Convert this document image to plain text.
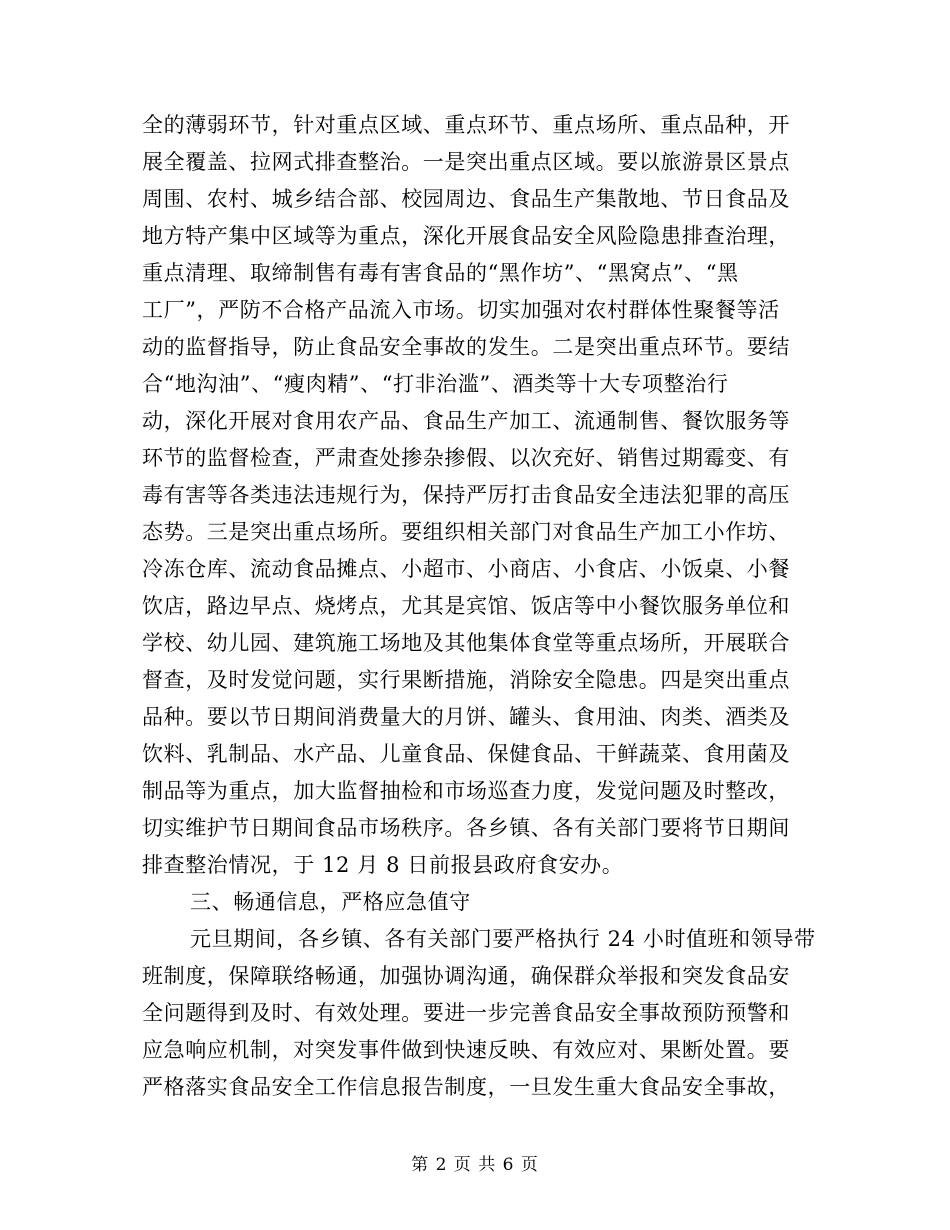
全的薄弱环节，针对重点区域、重点环节、重点场所、重点品种，开
展全覆盖、拉网式排查整治。一是突出重点区域。要以旅游景区景点
周围、农村、城乡结合部、校园周边、食品生产集散地、节日食品及
地方特产集中区域等为重点，深化开展食品安全风险隐患排查治理，
重点清理、取缔制售有毒有害食品的“黑作坊”、“黑窝点”、“黑
工厂”，严防不合格产品流入市场。切实加强对农村群体性聚餐等活
动的监督指导，防止食品安全事故的发生。二是突出重点环节。要结
合“地沟油”、“瘦肉精”、“打非治滥”、酒类等十大专项整治行
动，深化开展对食用农产品、食品生产加工、流通制售、餐饮服务等
环节的监督检查，严肃查处掺杂掺假、以次充好、销售过期霉变、有
毒有害等各类违法违规行为，保持严厉打击食品安全违法犯罪的高压
态势。三是突出重点场所。要组织相关部门对食品生产加工小作坊、
冷冻仓库、流动食品摊点、小超市、小商店、小食店、小饭桌、小餐
饮店，路边早点、烧烤点，尤其是宾馆、饭店等中小餐饮服务单位和
学校、幼儿园、建筑施工场地及其他集体食堂等重点场所，开展联合
督查，及时发觉问题，实行果断措施，消除安全隐患。四是突出重点
品种。要以节日期间消费量大的月饼、罐头、食用油、肉类、酒类及
饮料、乳制品、水产品、儿童食品、保健食品、干鲜蔬菜、食用菌及
制品等为重点，加大监督抽检和市场巡查力度，发觉问题及时整改，
切实维护节日期间食品市场秩序。各乡镇、各有关部门要将节日期间
排查整治情况，于 12 月 8 日前报县政府食安办。
三、畅通信息，严格应急值守
元旦期间，各乡镇、各有关部门要严格执行 24 小时值班和领导带
班制度，保障联络畅通，加强协调沟通，确保群众举报和突发食品安
全问题得到及时、有效处理。要进一步完善食品安全事故预防预警和
应急响应机制，对突发事件做到快速反映、有效应对、果断处置。要
严格落实食品安全工作信息报告制度，一旦发生重大食品安全事故，
第 2 页 共 6 页
